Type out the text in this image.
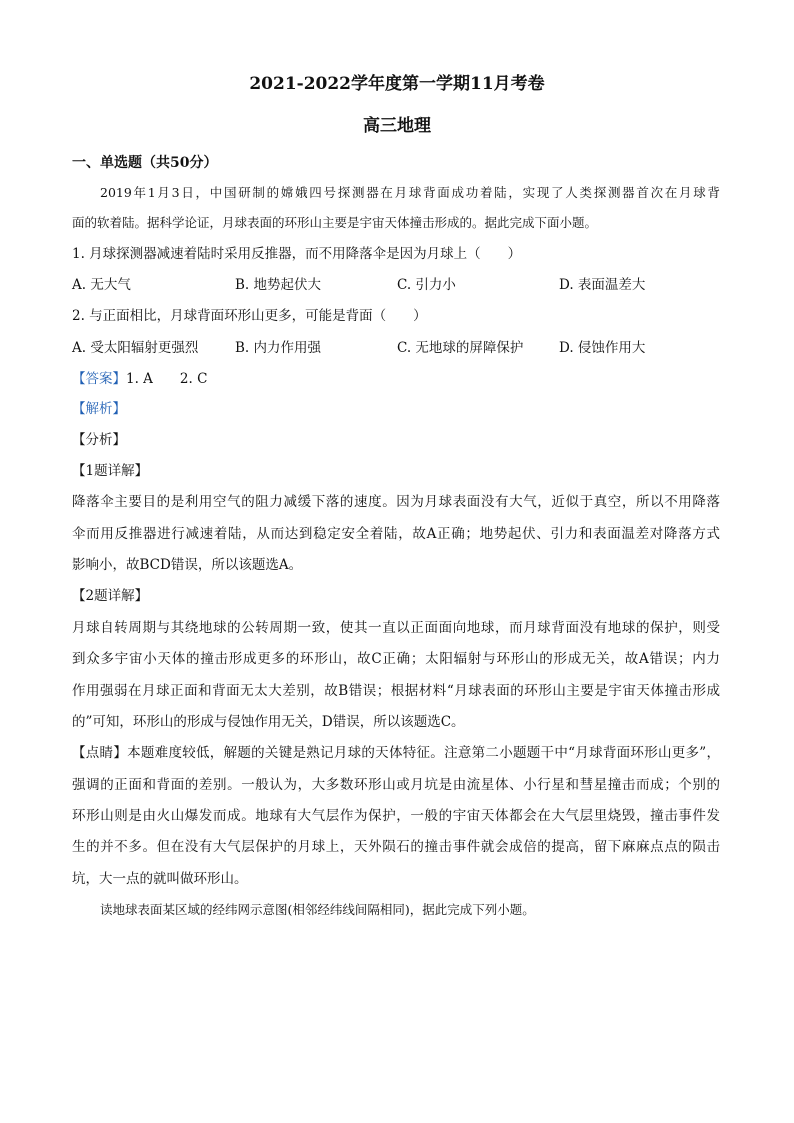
2021-2022学年度第一学期11月考卷
高三地理
一、单选题（共50分）
2019年1月3日，中国研制的嫦娥四号探测器在月球背面成功着陆，实现了人类探测器首次在月球背
面的软着陆。据科学论证，月球表面的环形山主要是宇宙天体撞击形成的。据此完成下面小题。
1. 月球探测器减速着陆时采用反推器，而不用降落伞是因为月球上（　　）
A. 无大气	B. 地势起伏大	C. 引力小	D. 表面温差大
2. 与正面相比，月球背面环形山更多，可能是背面（　　）
A. 受太阳辐射更强烈	B. 内力作用强	C. 无地球的屏障保护	D. 侵蚀作用大
【答案】1. A　　2. C
【解析】
【分析】
【1题详解】
降落伞主要目的是利用空气的阻力减缓下落的速度。因为月球表面没有大气，近似于真空，所以不用降落
伞而用反推器进行减速着陆，从而达到稳定安全着陆，故A正确；地势起伏、引力和表面温差对降落方式
影响小，故BCD错误，所以该题选A。
【2题详解】
月球自转周期与其绕地球的公转周期一致，使其一直以正面面向地球，而月球背面没有地球的保护，则受
到众多宇宙小天体的撞击形成更多的环形山，故C正确；太阳辐射与环形山的形成无关，故A错误；内力
作用强弱在月球正面和背面无太大差别，故B错误；根据材料“月球表面的环形山主要是宇宙天体撞击形成
的”可知，环形山的形成与侵蚀作用无关，D错误，所以该题选C。
【点睛】本题难度较低，解题的关键是熟记月球的天体特征。注意第二小题题干中“月球背面环形山更多”，
强调的正面和背面的差别。一般认为，大多数环形山或月坑是由流星体、小行星和彗星撞击而成；个别的
环形山则是由火山爆发而成。地球有大气层作为保护，一般的宇宙天体都会在大气层里烧毁，撞击事件发
生的并不多。但在没有大气层保护的月球上，天外陨石的撞击事件就会成倍的提高，留下麻麻点点的陨击
坑，大一点的就叫做环形山。
读地球表面某区域的经纬网示意图(相邻经纬线间隔相同)，据此完成下列小题。
